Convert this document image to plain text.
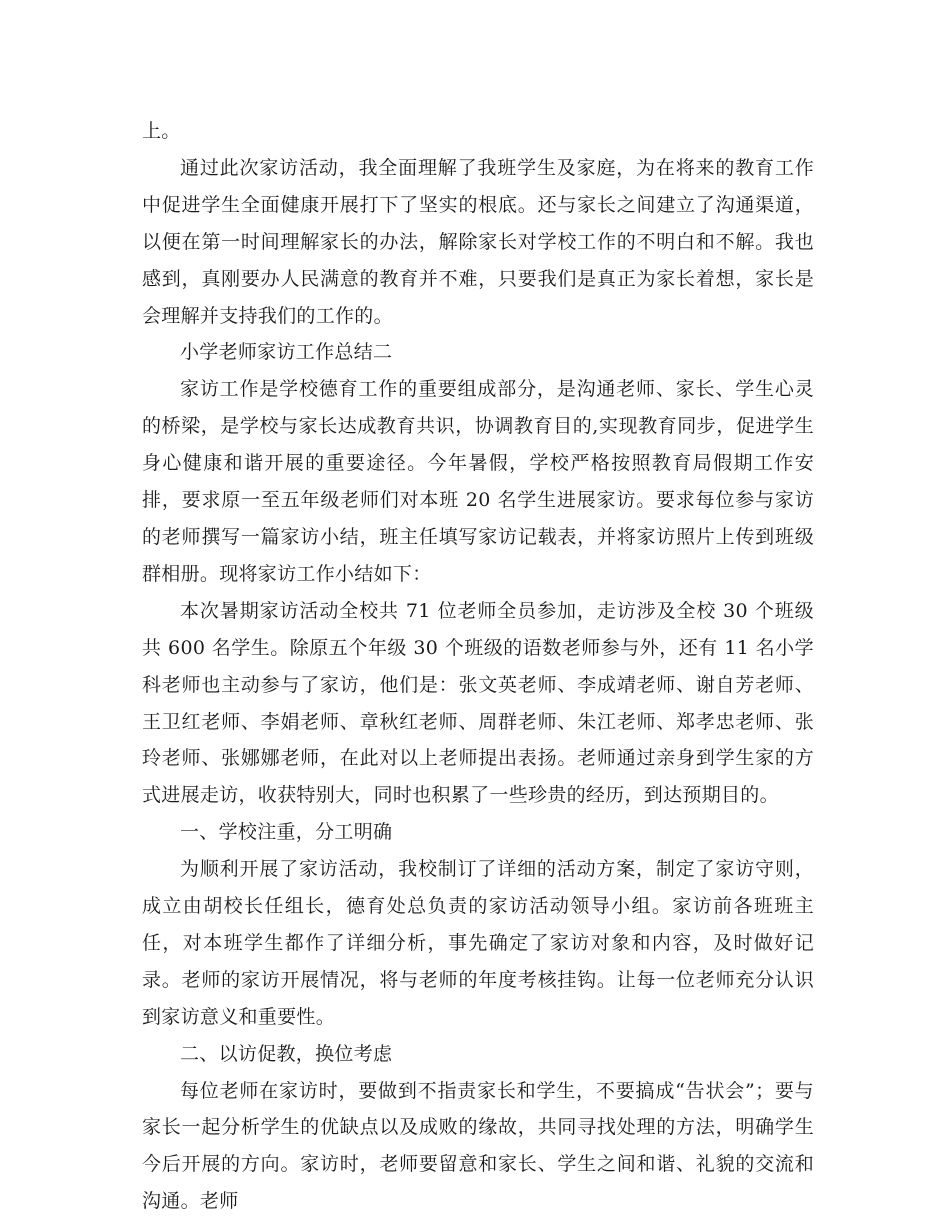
上。

通过此次家访活动，我全面理解了我班学生及家庭，为在将来的教育工作中促进学生全面健康开展打下了坚实的根底。还与家长之间建立了沟通渠道，以便在第一时间理解家长的办法，解除家长对学校工作的不明白和不解。我也感到，真刚要办人民满意的教育并不难，只要我们是真正为家长着想，家长是会理解并支持我们的工作的。

小学老师家访工作总结二

家访工作是学校德育工作的重要组成部分，是沟通老师、家长、学生心灵的桥梁，是学校与家长达成教育共识，协调教育目的,实现教育同步，促进学生身心健康和谐开展的重要途径。今年暑假，学校严格按照教育局假期工作安排，要求原一至五年级老师们对本班 20 名学生进展家访。要求每位参与家访的老师撰写一篇家访小结，班主任填写家访记载表，并将家访照片上传到班级群相册。现将家访工作小结如下：

本次暑期家访活动全校共 71 位老师全员参加，走访涉及全校 30 个班级共 600 名学生。除原五个年级 30 个班级的语数老师参与外，还有 11 名小学科老师也主动参与了家访，他们是：张文英老师、李成靖老师、谢自芳老师、王卫红老师、李娟老师、章秋红老师、周群老师、朱江老师、郑孝忠老师、张玲老师、张娜娜老师，在此对以上老师提出表扬。老师通过亲身到学生家的方式进展走访，收获特别大，同时也积累了一些珍贵的经历，到达预期目的。

一、学校注重，分工明确

为顺利开展了家访活动，我校制订了详细的活动方案，制定了家访守则，成立由胡校长任组长，德育处总负责的家访活动领导小组。家访前各班班主任，对本班学生都作了详细分析，事先确定了家访对象和内容，及时做好记录。老师的家访开展情况，将与老师的年度考核挂钩。让每一位老师充分认识到家访意义和重要性。

二、以访促教，换位考虑

每位老师在家访时，要做到不指责家长和学生，不要搞成“告状会”；要与家长一起分析学生的优缺点以及成败的缘故，共同寻找处理的方法，明确学生今后开展的方向。家访时，老师要留意和家长、学生之间和谐、礼貌的交流和沟通。老师
